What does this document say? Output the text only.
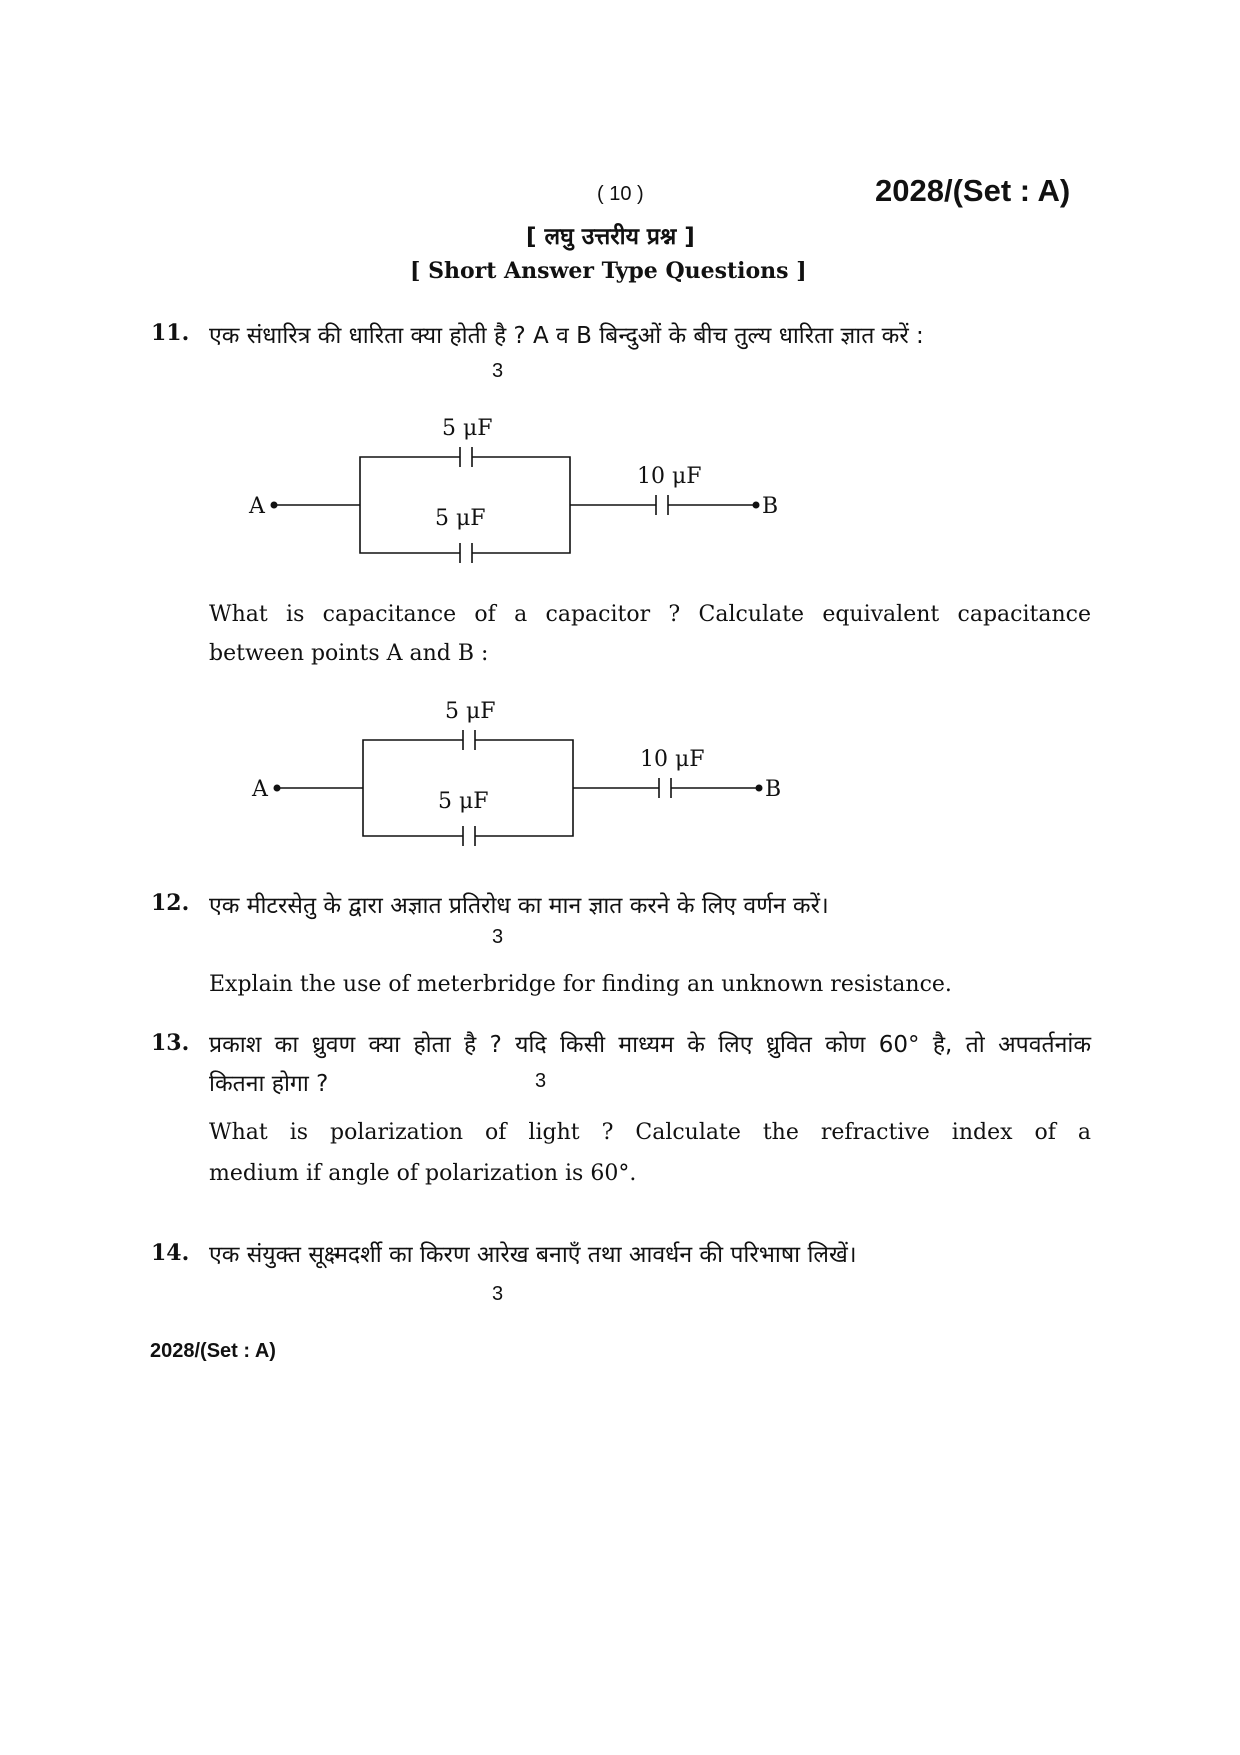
( 10 )	2028/(Set : A)
[ लघु उत्तरीय प्रश्न ]
[ Short Answer Type Questions ]
11. एक संधारित्र की धारिता क्या होती है ? A व B बिन्दुओं के बीच तुल्य धारिता ज्ञात करें :
3
A	B
5 μF
5 μF
10 μF
What is capacitance of a capacitor ? Calculate equivalent capacitance
between points A and B :
A	B
5 μF
5 μF
10 μF
12. एक मीटरसेतु के द्वारा अज्ञात प्रतिरोध का मान ज्ञात करने के लिए वर्णन करें।
3
Explain the use of meterbridge for finding an unknown resistance.
13. प्रकाश का ध्रुवण क्या होता है ? यदि किसी माध्यम के लिए ध्रुवित कोण 60° है, तो अपवर्तनांक
कितना होगा ?	3
What is polarization of light ? Calculate the refractive index of a
medium if angle of polarization is 60°.
14. एक संयुक्त सूक्ष्मदर्शी का किरण आरेख बनाएँ तथा आवर्धन की परिभाषा लिखें।
3
2028/(Set : A)
